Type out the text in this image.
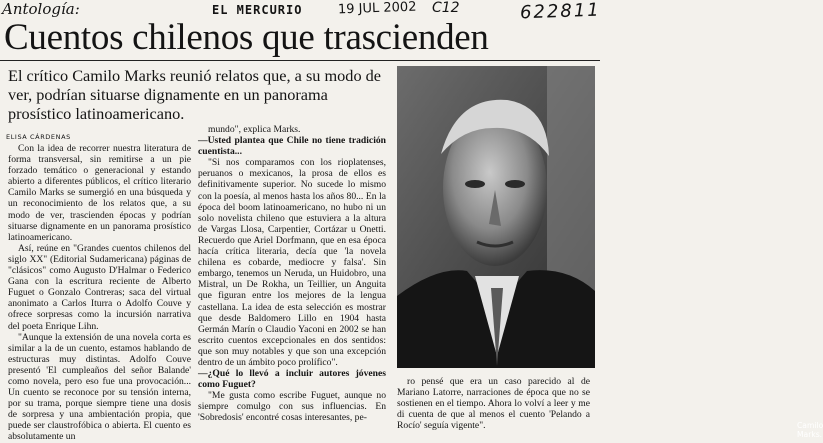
Antología:	EL MERCURIO	19 JUL 2002 C12	622811
Cuentos chilenos que trascienden
El crítico Camilo Marks reunió relatos que, a su modo de ver, podrían situarse dignamente en un panorama prosístico latinoamericano.
ELISA CÁRDENAS

Con la idea de recorrer nuestra literatura de forma transversal, sin remitirse a un pie forzado temático o generacional y estando abierto a diferentes públicos, el crítico literario Camilo Marks se sumergió en una búsqueda y un reconocimiento de los relatos que, a su modo de ver, trascienden épocas y podrían situarse dignamente en un panorama prosístico latinoamericano.

Así, reúne en "Grandes cuentos chilenos del siglo XX" (Editorial Sudamericana) páginas de "clásicos" como Augusto D'Halmar o Federico Gana con la escritura reciente de Alberto Fuguet o Gonzalo Contreras; saca del virtual anonimato a Carlos Iturra o Adolfo Couve y ofrece sorpresas como la incursión narrativa del poeta Enrique Lihn.

"Aunque la extensión de una novela corta es similar a la de un cuento, estamos hablando de estructuras muy distintas. Adolfo Couve presentó 'El cumpleaños del señor Balande' como novela, pero eso fue una provocación... Un cuento se reconoce por su tensión interna, por su trama, porque siempre tiene una dosis de sorpresa y una ambientación propia, que puede ser claustrofóbica o abierta. El cuento es absolutamente un

mundo", explica Marks.

—Usted plantea que Chile no tiene tradición cuentista...

"Si nos comparamos con los rioplatenses, peruanos o mexicanos, la prosa de ellos es definitivamente superior. No sucede lo mismo con la poesía, al menos hasta los años 80... En la época del boom latinoamericano, no hubo ni un solo novelista chileno que estuviera a la altura de Vargas Llosa, Carpentier, Cortázar u Onetti. Recuerdo que Ariel Dorfmann, que en esa época hacía crítica literaria, decía que 'la novela chilena es cobarde, mediocre y falsa'. Sin embargo, tenemos un Neruda, un Huidobro, una Mistral, un De Rokha, un Teillier, un Anguita que figuran entre los mejores de la lengua castellana. La idea de esta selección es mostrar que desde Baldomero Lillo en 1904 hasta Germán Marín o Claudio Yaconi en 2002 se han escrito cuentos excepcionales en dos sentidos: que son muy notables y que son una excepción dentro de un ámbito poco prolífico".

—¿Qué lo llevó a incluir autores jóvenes como Fuguet?

"Me gusta como escribe Fuguet, aunque no siempre comulgo con sus influencias. En 'Sobredosis' encontré cosas interesantes, pe-

Camilo Marks.

ro pensé que era un caso parecido al de Mariano Latorre, narraciones de época que no se sostienen en el tiempo. Ahora lo volví a leer y me di cuenta de que al menos el cuento 'Pelando a Rocío' seguía vigente".
